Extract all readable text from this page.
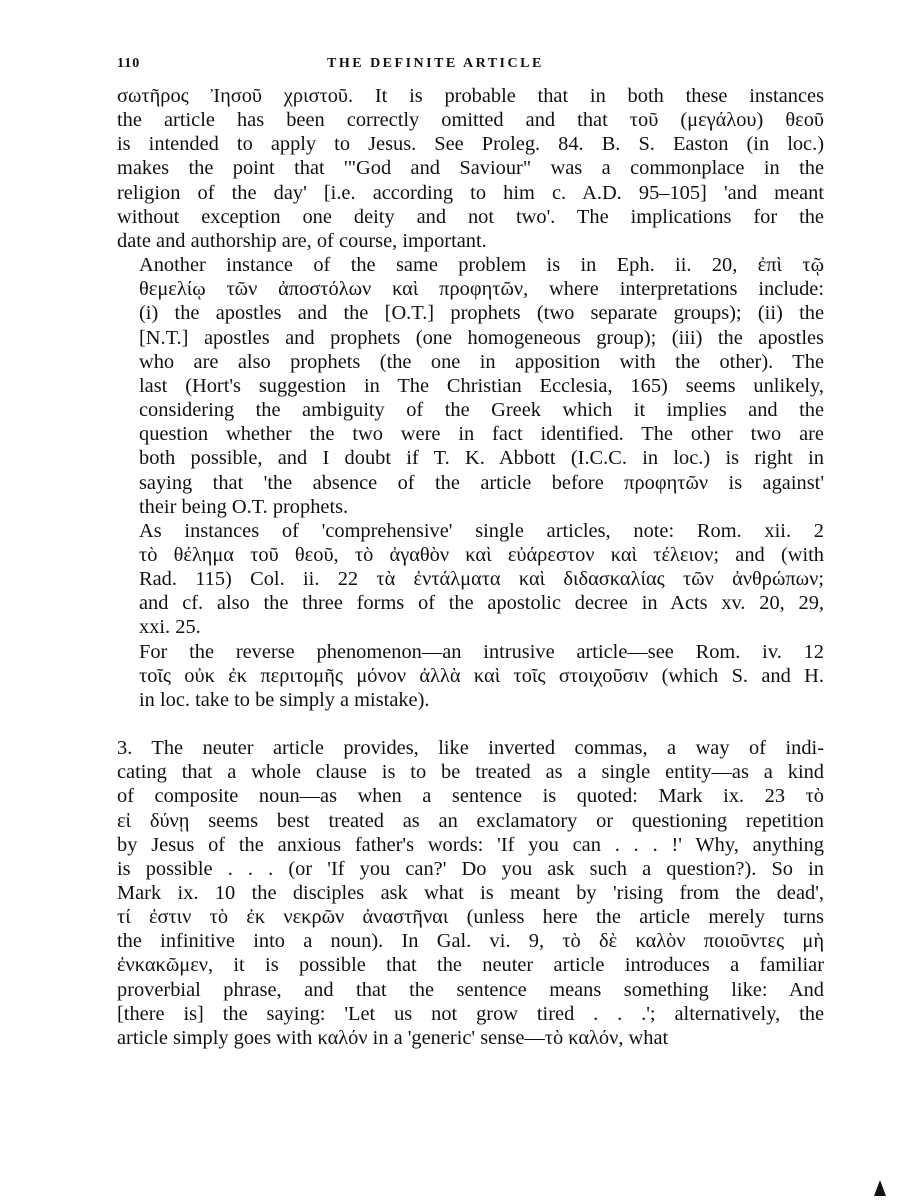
110	THE DEFINITE ARTICLE
σωτῆρος Ἰησοῦ χριστοῦ. It is probable that in both these instances
the article has been correctly omitted and that τοῦ (μεγάλου) θεοῦ
is intended to apply to Jesus. See Proleg. 84. B. S. Easton (in loc.)
makes the point that '"God and Saviour" was a commonplace in the
religion of the day' [i.e. according to him c. A.D. 95–105] 'and meant
without exception one deity and not two'. The implications for the
date and authorship are, of course, important.
Another instance of the same problem is in Eph. ii. 20, ἐπὶ τῷ
θεμελίῳ τῶν ἀποστόλων καὶ προφητῶν, where interpretations include:
(i) the apostles and the [O.T.] prophets (two separate groups); (ii) the
[N.T.] apostles and prophets (one homogeneous group); (iii) the apostles
who are also prophets (the one in apposition with the other). The
last (Hort's suggestion in The Christian Ecclesia, 165) seems unlikely,
considering the ambiguity of the Greek which it implies and the
question whether the two were in fact identified. The other two are
both possible, and I doubt if T. K. Abbott (I.C.C. in loc.) is right in
saying that 'the absence of the article before προφητῶν is against'
their being O.T. prophets.
As instances of 'comprehensive' single articles, note: Rom. xii. 2
τὸ θέλημα τοῦ θεοῦ, τὸ ἀγαθὸν καὶ εὐάρεστον καὶ τέλειον; and (with
Rad. 115) Col. ii. 22 τὰ ἐντάλματα καὶ διδασκαλίας τῶν ἀνθρώπων;
and cf. also the three forms of the apostolic decree in Acts xv. 20, 29,
xxi. 25.
For the reverse phenomenon—an intrusive article—see Rom. iv. 12
τοῖς οὐκ ἐκ περιτομῆς μόνον ἀλλὰ καὶ τοῖς στοιχοῦσιν (which S. and H.
in loc. take to be simply a mistake).
3. The neuter article provides, like inverted commas, a way of indi-
cating that a whole clause is to be treated as a single entity—as a kind
of composite noun—as when a sentence is quoted: Mark ix. 23 τὸ
εἰ δύνῃ seems best treated as an exclamatory or questioning repetition
by Jesus of the anxious father's words: 'If you can . . . !' Why, anything
is possible . . . (or 'If you can?' Do you ask such a question?). So in
Mark ix. 10 the disciples ask what is meant by 'rising from the dead',
τί ἐστιν τὸ ἐκ νεκρῶν ἀναστῆναι (unless here the article merely turns
the infinitive into a noun). In Gal. vi. 9, τὸ δὲ καλὸν ποιοῦντες μὴ
ἐνκακῶμεν, it is possible that the neuter article introduces a familiar
proverbial phrase, and that the sentence means something like: And
[there is] the saying: 'Let us not grow tired . . .'; alternatively, the
article simply goes with καλόν in a 'generic' sense—τὸ καλόν, what
